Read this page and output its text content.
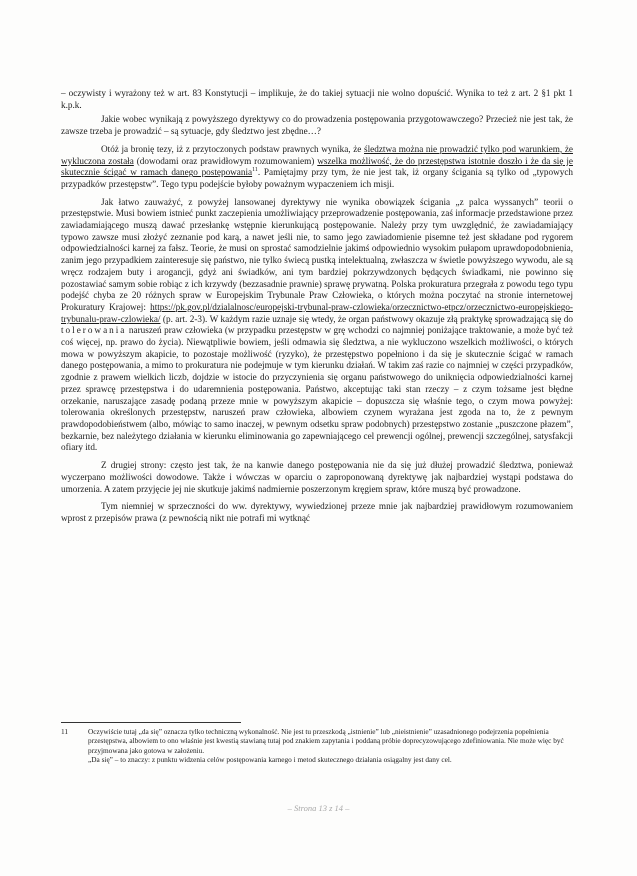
– oczywisty i wyrażony też w art. 83 Konstytucji – implikuje, że do takiej sytuacji nie wolno dopuścić. Wynika to też z art. 2 §1 pkt 1 k.p.k.

Jakie wobec wynikają z powyższego dyrektywy co do prowadzenia postępowania przygotowawczego? Przecież nie jest tak, że zawsze trzeba je prowadzić – są sytuacje, gdy śledztwo jest zbędne…?

Otóż ja bronię tezy, iż z przytoczonych podstaw prawnych wynika, że śledztwa można nie prowadzić tylko pod warunkiem, że wykluczona została (dowodami oraz prawidłowym rozumowaniem) wszelka możliwość, że do przestępstwa istotnie doszło i że da się je skutecznie ścigać w ramach danego postępowania$^{11}$. Pamiętajmy przy tym, że nie jest tak, iż organy ścigania są tylko od „typowych przypadków przestępstw”. Tego typu podejście byłoby poważnym wypaczeniem ich misji.

Jak łatwo zauważyć, z powyżej lansowanej dyrektywy nie wynika obowiązek ścigania „z palca wyssanych” teorii o przestępstwie. Musi bowiem istnieć punkt zaczepienia umożliwiający przeprowadzenie postępowania, zaś informacje przedstawione przez zawiadamiającego muszą dawać przesłankę wstępnie kierunkującą postępowanie. Należy przy tym uwzględnić, że zawiadamiający typowo zawsze musi złożyć zeznanie pod karą, a nawet jeśli nie, to samo jego zawiadomienie pisemne też jest składane pod rygorem odpowiedzialności karnej za fałsz. Teorie, że musi on sprostać samodzielnie jakimś odpowiednio wysokim pułapom uprawdopodobnienia, zanim jego przypadkiem zainteresuje się państwo, nie tylko świecą pustką intelektualną, zwłaszcza w świetle powyższego wywodu, ale są wręcz rodzajem buty i arogancji, gdyż ani świadków, ani tym bardziej pokrzywdzonych będących świadkami, nie powinno się pozostawiać samym sobie robiąc z ich krzywdy (bezzasadnie prawnie) sprawę prywatną. Polska prokuratura przegrała z powodu tego typu podejść chyba ze 20 różnych spraw w Europejskim Trybunale Praw Człowieka, o których można poczytać na stronie internetowej Prokuratury Krajowej: https://pk.gov.pl/dzialalnosc/europejski-trybunal-praw-czlowieka/orzecznictwo-etpcz/orzecznictwo-europejskiego-trybunalu-praw-czlowieka/ (p. art. 2-3). W każdym razie uznaje się wtedy, że organ państwowy okazuje złą praktykę sprowadzającą się do tolerowania naruszeń praw człowieka (w przypadku przestępstw w grę wchodzi co najmniej poniżające traktowanie, a może być też coś więcej, np. prawo do życia). Niewątpliwie bowiem, jeśli odmawia się śledztwa, a nie wykluczono wszelkich możliwości, o których mowa w powyższym akapicie, to pozostaje możliwość (ryzyko), że przestępstwo popełniono i da się je skutecznie ścigać w ramach danego postępowania, a mimo to prokuratura nie podejmuje w tym kierunku działań. W takim zaś razie co najmniej w części przypadków, zgodnie z prawem wielkich liczb, dojdzie w istocie do przyczynienia się organu państwowego do uniknięcia odpowiedzialności karnej przez sprawcę przestępstwa i do udaremnienia postępowania. Państwo, akceptując taki stan rzeczy – z czym tożsame jest błędne orzekanie, naruszające zasadę podaną przeze mnie w powyższym akapicie – dopuszcza się właśnie tego, o czym mowa powyżej: tolerowania określonych przestępstw, naruszeń praw człowieka, albowiem czynem wyrażana jest zgoda na to, że z pewnym prawdopodobieństwem (albo, mówiąc to samo inaczej, w pewnym odsetku spraw podobnych) przestępstwo zostanie „puszczone płazem”, bezkarnie, bez należytego działania w kierunku eliminowania go zapewniającego cel prewencji ogólnej, prewencji szczególnej, satysfakcji ofiary itd.

Z drugiej strony: często jest tak, że na kanwie danego postępowania nie da się już dłużej prowadzić śledztwa, ponieważ wyczerpano możliwości dowodowe. Także i wówczas w oparciu o zaproponowaną dyrektywę jak najbardziej wystąpi podstawa do umorzenia. A zatem przyjęcie jej nie skutkuje jakimś nadmiernie poszerzonym kręgiem spraw, które muszą być prowadzone.

Tym niemniej w sprzeczności do ww. dyrektywy, wywiedzionej przeze mnie jak najbardziej prawidłowym rozumowaniem wprost z przepisów prawa (z pewnością nikt nie potrafi mi wytknąć

11	Oczywiście tutaj „da się” oznacza tylko techniczną wykonalność. Nie jest tu przeszkodą „istnienie” lub „nieistnienie” uzasadnionego podejrzenia popełnienia przestępstwa, albowiem to ono właśnie jest kwestią stawianą tutaj pod znakiem zapytania i poddaną próbie doprecyzowującego zdefiniowania. Nie może więc być przyjmowana jako gotowa w założeniu.

„Da się” – to znaczy: z punktu widzenia celów postępowania karnego i metod skutecznego działania osiągalny jest dany cel.

– Strona 13 z 14 –
